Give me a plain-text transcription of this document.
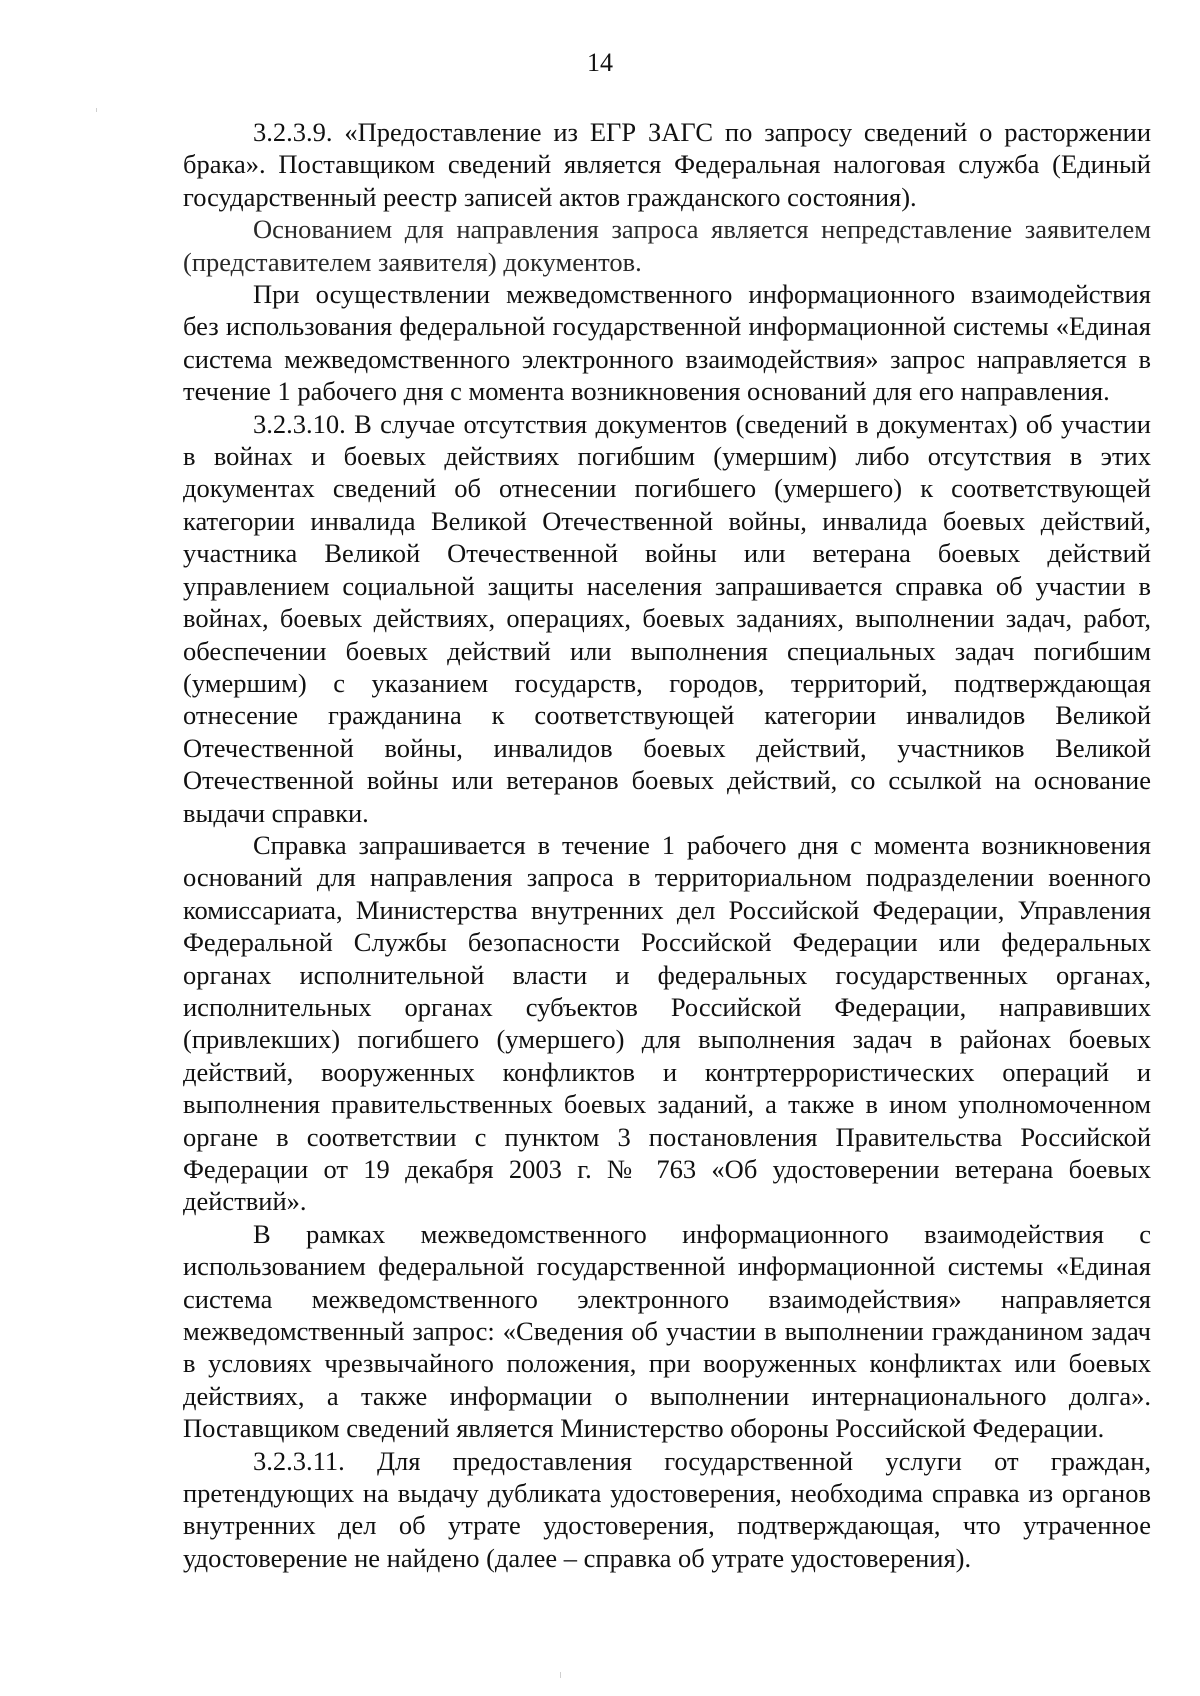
14

3.2.3.9. «Предоставление из ЕГР ЗАГС по запросу сведений о расторжении брака». Поставщиком сведений является Федеральная налоговая служба (Единый государственный реестр записей актов гражданского состояния).

Основанием для направления запроса является непредставление заявителем (представителем заявителя) документов.

При осуществлении межведомственного информационного взаимодействия без использования федеральной государственной информационной системы «Единая система межведомственного электронного взаимодействия» запрос направляется в течение 1 рабочего дня с момента возникновения оснований для его направления.

3.2.3.10. В случае отсутствия документов (сведений в документах) об участии в войнах и боевых действиях погибшим (умершим) либо отсутствия в этих документах сведений об отнесении погибшего (умершего) к соответствующей категории инвалида Великой Отечественной войны, инвалида боевых действий, участника Великой Отечественной войны или ветерана боевых действий управлением социальной защиты населения запрашивается справка об участии в войнах, боевых действиях, операциях, боевых заданиях, выполнении задач, работ, обеспечении боевых действий или выполнения специальных задач погибшим (умершим) с указанием государств, городов, территорий, подтверждающая отнесение гражданина к соответствующей категории инвалидов Великой Отечественной войны, инвалидов боевых действий, участников Великой Отечественной войны или ветеранов боевых действий, со ссылкой на основание выдачи справки.

Справка запрашивается в течение 1 рабочего дня с момента возникновения оснований для направления запроса в территориальном подразделении военного комиссариата, Министерства внутренних дел Российской Федерации, Управления Федеральной Службы безопасности Российской Федерации или федеральных органах исполнительной власти и федеральных государственных органах, исполнительных органах субъектов Российской Федерации, направивших (привлекших) погибшего (умершего) для выполнения задач в районах боевых действий, вооруженных конфликтов и контртеррористических операций и выполнения правительственных боевых заданий, а также в ином уполномоченном органе в соответствии с пунктом 3 постановления Правительства Российской Федерации от 19 декабря 2003 г. № 763 «Об удостоверении ветерана боевых действий».

В рамках межведомственного информационного взаимодействия с использованием федеральной государственной информационной системы «Единая система межведомственного электронного взаимодействия» направляется межведомственный запрос: «Сведения об участии в выполнении гражданином задач в условиях чрезвычайного положения, при вооруженных конфликтах или боевых действиях, а также информации о выполнении интернационального долга». Поставщиком сведений является Министерство обороны Российской Федерации.

3.2.3.11. Для предоставления государственной услуги от граждан, претендующих на выдачу дубликата удостоверения, необходима справка из органов внутренних дел об утрате удостоверения, подтверждающая, что утраченное удостоверение не найдено (далее – справка об утрате удостоверения).
